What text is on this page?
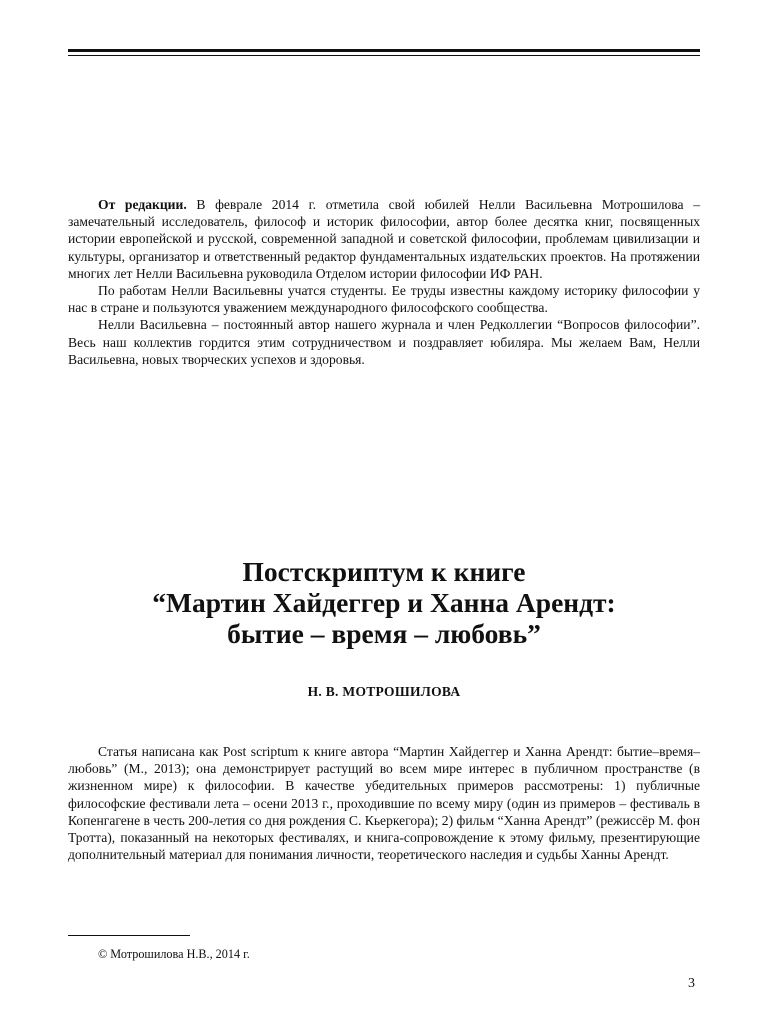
От редакции. В феврале 2014 г. отметила свой юбилей Нелли Васильевна Мотрошилова – замечательный исследователь, философ и историк философии, автор более десятка книг, посвященных истории европейской и русской, современной западной и советской философии, проблемам цивилизации и культуры, организатор и ответственный редактор фундаментальных издательских проектов. На протяжении многих лет Нелли Васильевна руководила Отделом истории философии ИФ РАН.

По работам Нелли Васильевны учатся студенты. Ее труды известны каждому историку философии у нас в стране и пользуются уважением международного философского сообщества.

Нелли Васильевна – постоянный автор нашего журнала и член Редколлегии “Вопросов философии”. Весь наш коллектив гордится этим сотрудничеством и поздравляет юбиляра. Мы желаем Вам, Нелли Васильевна, новых творческих успехов и здоровья.

Постскриптум к книге
“Мартин Хайдеггер и Ханна Арендт:
бытие – время – любовь”
Н. В. МОТРОШИЛОВА

Статья написана как Post scriptum к книге автора “Мартин Хайдеггер и Ханна Арендт: бытие–время–любовь” (М., 2013); она демонстрирует растущий во всем мире интерес в публичном пространстве (в жизненном мире) к философии. В качестве убедительных примеров рассмотрены: 1) публичные философские фестивали лета – осени 2013 г., проходившие по всему миру (один из примеров – фестиваль в Копенгагене в честь 200-летия со дня рождения С. Кьеркегора); 2) фильм “Ханна Арендт” (режиссёр М. фон Тротта), показанный на некоторых фестивалях, и книга-сопровождение к этому фильму, презентирующие дополнительный материал для понимания личности, теоретического наследия и судьбы Ханны Арендт.

© Мотрошилова Н.В., 2014 г.
3
